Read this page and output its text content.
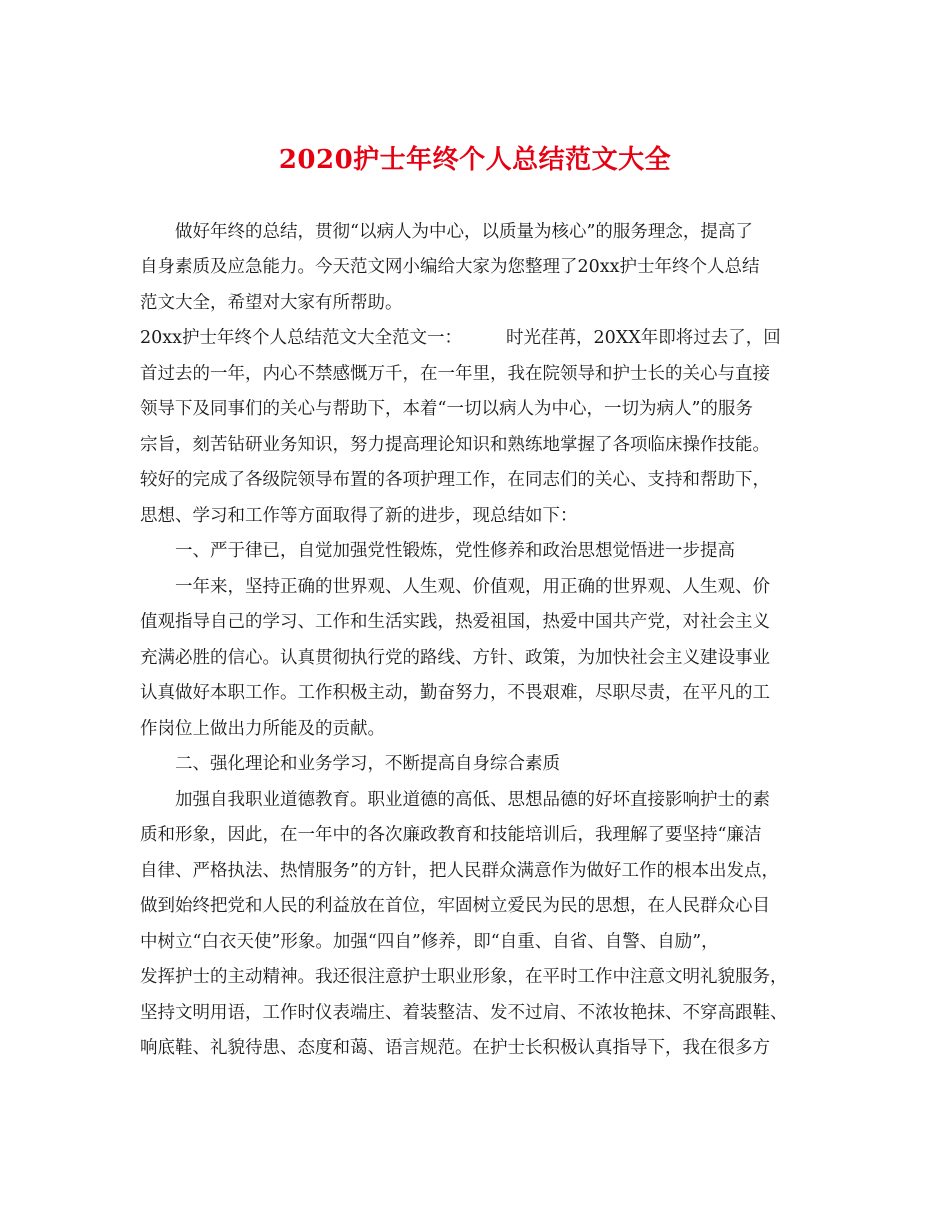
2020护士年终个人总结范文大全
　　做好年终的总结，贯彻“以病人为中心，以质量为核心”的服务理念，提高了
自身素质及应急能力。今天范文网小编给大家为您整理了20xx护士年终个人总结
范文大全，希望对大家有所帮助。
20xx护士年终个人总结范文大全范文一：	时光荏苒，20XX年即将过去了，回
首过去的一年，内心不禁感慨万千，在一年里，我在院领导和护士长的关心与直接
领导下及同事们的关心与帮助下，本着“一切以病人为中心，一切为病人”的服务
宗旨，刻苦钻研业务知识，努力提高理论知识和熟练地掌握了各项临床操作技能。
较好的完成了各级院领导布置的各项护理工作，在同志们的关心、支持和帮助下，
思想、学习和工作等方面取得了新的进步，现总结如下：
　　一、严于律已，自觉加强党性锻炼，党性修养和政治思想觉悟进一步提高
　　一年来，坚持正确的世界观、人生观、价值观，用正确的世界观、人生观、价
值观指导自己的学习、工作和生活实践，热爱祖国，热爱中国共产党，对社会主义
充满必胜的信心。认真贯彻执行党的路线、方针、政策，为加快社会主义建设事业
认真做好本职工作。工作积极主动，勤奋努力，不畏艰难，尽职尽责，在平凡的工
作岗位上做出力所能及的贡献。
　　二、强化理论和业务学习，不断提高自身综合素质
　　加强自我职业道德教育。职业道德的高低、思想品德的好坏直接影响护士的素
质和形象，因此，在一年中的各次廉政教育和技能培训后，我理解了要坚持“廉洁
自律、严格执法、热情服务”的方针，把人民群众满意作为做好工作的根本出发点，
做到始终把党和人民的利益放在首位，牢固树立爱民为民的思想，在人民群众心目
中树立“白衣天使”形象。加强“四自”修养，即“自重、自省、自警、自励”，
发挥护士的主动精神。我还很注意护士职业形象，在平时工作中注意文明礼貌服务，
坚持文明用语，工作时仪表端庄、着装整洁、发不过肩、不浓妆艳抹、不穿高跟鞋、
响底鞋、礼貌待患、态度和蔼、语言规范。在护士长积极认真指导下，我在很多方
